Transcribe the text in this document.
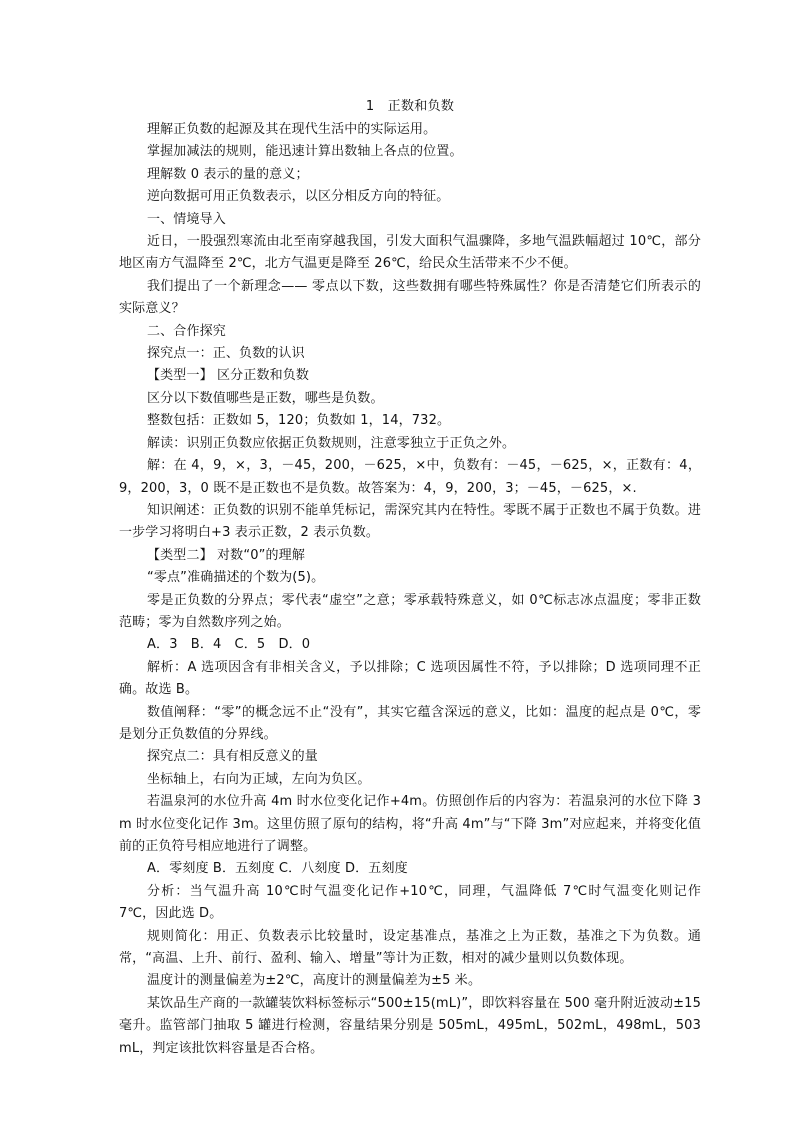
1　正数和负数

理解正负数的起源及其在现代生活中的实际运用。

掌握加减法的规则，能迅速计算出数轴上各点的位置。

理解数 0 表示的量的意义；

逆向数据可用正负数表示，以区分相反方向的特征。

一、情境导入

近日，一股强烈寒流由北至南穿越我国，引发大面积气温骤降，多地气温跌幅超过 10℃，部分地区南方气温降至 2℃，北方气温更是降至 26℃，给民众生活带来不少不便。

我们提出了一个新理念—— 零点以下数，这些数拥有哪些特殊属性？你是否清楚它们所表示的实际意义？

二、合作探究

探究点一：正、负数的认识

【类型一】 区分正数和负数

区分以下数值哪些是正数，哪些是负数。

整数包括：正数如 5，120；负数如 1，14，732。

解读：识别正负数应依据正负数规则，注意零独立于正负之外。

解：在 4，9，×，3，－45，200，－625，×中，负数有：－45，－625，×，正数有：4，9，200，3，0 既不是正数也不是负数。故答案为：4，9，200，3；－45，－625，×.

知识阐述：正负数的识别不能单凭标记，需深究其内在特性。零既不属于正数也不属于负数。进一步学习将明白+3 表示正数，2 表示负数。

【类型二】 对数“0”的理解

“零点”准确描述的个数为(5)。

零是正负数的分界点；零代表“虚空”之意；零承载特殊意义，如 0℃标志冰点温度；零非正数范畴；零为自然数序列之始。

A．3　B．4　C．5　D．0

解析：A 选项因含有非相关含义，予以排除；C 选项因属性不符，予以排除；D 选项同理不正确。故选 B。

数值阐释：“零”的概念远不止“没有”，其实它蕴含深远的意义，比如：温度的起点是 0℃，零是划分正负数值的分界线。

探究点二：具有相反意义的量

坐标轴上，右向为正域，左向为负区。

若温泉河的水位升高 4m 时水位变化记作+4m。仿照创作后的内容为：若温泉河的水位下降 3m 时水位变化记作 3m。这里仿照了原句的结构，将“升高 4m”与“下降 3m”对应起来，并将变化值前的正负符号相应地进行了调整。

A．零刻度 B．五刻度 C．八刻度 D．五刻度

分析：当气温升高 10℃时气温变化记作+10℃，同理，气温降低 7℃时气温变化则记作 7℃，因此选 D。

规则简化：用正、负数表示比较量时，设定基准点，基准之上为正数，基准之下为负数。通常，“高温、上升、前行、盈利、输入、增量”等计为正数，相对的减少量则以负数体现。

温度计的测量偏差为±2℃，高度计的测量偏差为±5 米。

某饮品生产商的一款罐装饮料标签标示“500±15(mL)”，即饮料容量在 500 毫升附近波动±15 毫升。监管部门抽取 5 罐进行检测，容量结果分别是 505mL，495mL，502mL，498mL，503mL，判定该批饮料容量是否合格。
